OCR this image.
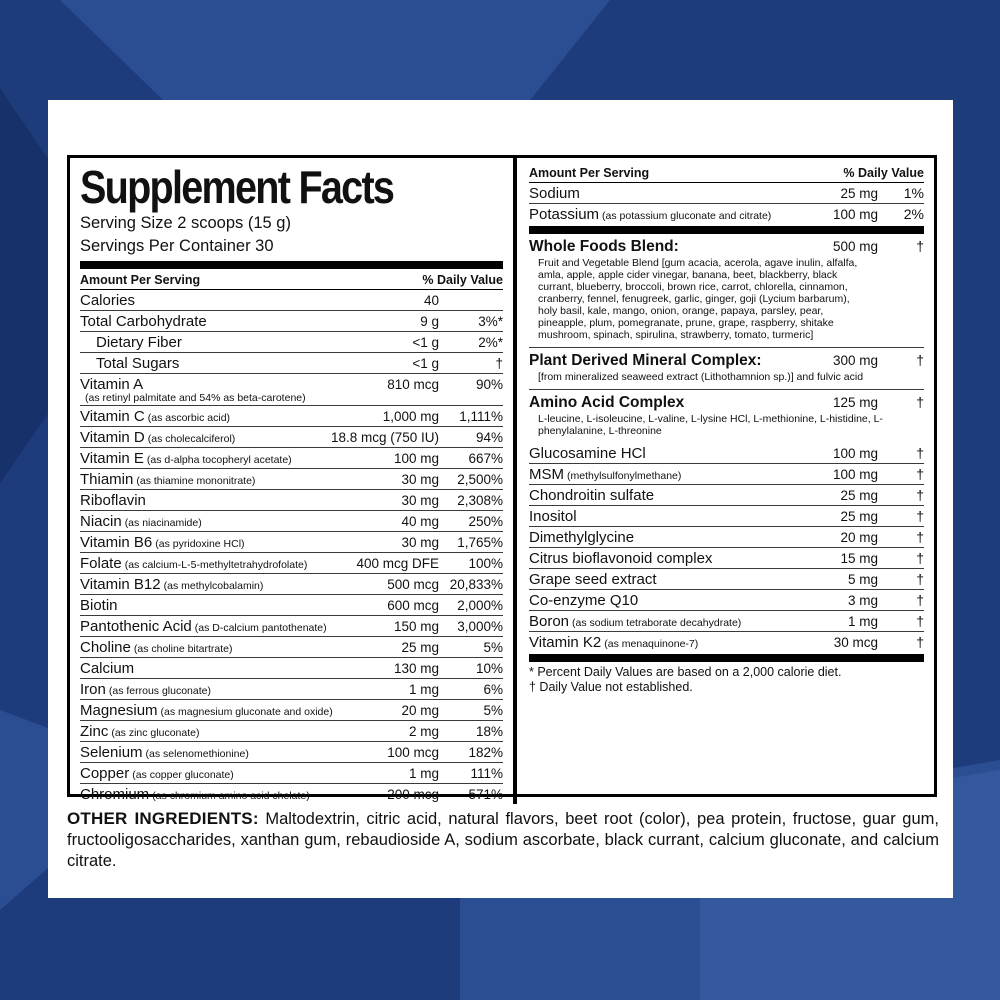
Supplement Facts
Serving Size 2 scoops (15 g)
Servings Per Container 30
Amount Per Serving	% Daily Value
Calories	40
Total Carbohydrate	9 g	3%*
Dietary Fiber	<1 g	2%*
Total Sugars	<1 g	†
Vitamin A	810 mcg	90%
(as retinyl palmitate and 54% as beta-carotene)
Vitamin C (as ascorbic acid)	1,000 mg	1,111%
Vitamin D (as cholecalciferol)	18.8 mcg (750 IU)	94%
Vitamin E (as d-alpha tocopheryl acetate)	100 mg	667%
Thiamin (as thiamine mononitrate)	30 mg	2,500%
Riboflavin	30 mg	2,308%
Niacin (as niacinamide)	40 mg	250%
Vitamin B6 (as pyridoxine HCl)	30 mg	1,765%
Folate (as calcium-L-5-methyltetrahydrofolate)	400 mcg DFE	100%
Vitamin B12 (as methylcobalamin)	500 mcg 20,833%
Biotin	600 mcg	2,000%
Pantothenic Acid (as D-calcium pantothenate)	150 mg	3,000%
Choline (as choline bitartrate)	25 mg	5%
Calcium	130 mg	10%
Iron (as ferrous gluconate)	1 mg	6%
Magnesium (as magnesium gluconate and oxide)	20 mg	5%
Zinc (as zinc gluconate)	2 mg	18%
Selenium (as selenomethionine)	100 mcg	182%
Copper (as copper gluconate)	1 mg	111%
Chromium (as chromium amino acid chelate)	200 mcg	571%
Amount Per Serving	% Daily Value
Sodium	25 mg	1%
Potassium (as potassium gluconate and citrate)	100 mg	2%
Whole Foods Blend:	500 mg	†
Fruit and Vegetable Blend [gum acacia, acerola, agave inulin, alfalfa, amla, apple, apple cider vinegar, banana, beet, blackberry, black currant, blueberry, broccoli, brown rice, carrot, chlorella, cinnamon, cranberry, fennel, fenugreek, garlic, ginger, goji (Lycium barbarum), holy basil, kale, mango, onion, orange, papaya, parsley, pear, pineapple, plum, pomegranate, prune, grape, raspberry, shitake mushroom, spinach, spirulina, strawberry, tomato, turmeric]
Plant Derived Mineral Complex:	300 mg	†
[from mineralized seaweed extract (Lithothamnion sp.)] and fulvic acid
Amino Acid Complex	125 mg	†
L-leucine, L-isoleucine, L-valine, L-lysine HCl, L-methionine, L-histidine, L-phenylalanine, L-threonine
Glucosamine HCl	100 mg	†
MSM (methylsulfonylmethane)	100 mg	†
Chondroitin sulfate	25 mg	†
Inositol	25 mg	†
Dimethylglycine	20 mg	†
Citrus bioflavonoid complex	15 mg	†
Grape seed extract	5 mg	†
Co-enzyme Q10	3 mg	†
Boron (as sodium tetraborate decahydrate)	1 mg	†
Vitamin K2 (as menaquinone-7)	30 mcg	†
* Percent Daily Values are based on a 2,000 calorie diet.
† Daily Value not established.
OTHER INGREDIENTS: Maltodextrin, citric acid, natural flavors, beet root (color), pea protein, fructose, guar gum, fructooligosaccharides, xanthan gum, rebaudioside A, sodium ascorbate, black currant, calcium gluconate, and calcium citrate.
